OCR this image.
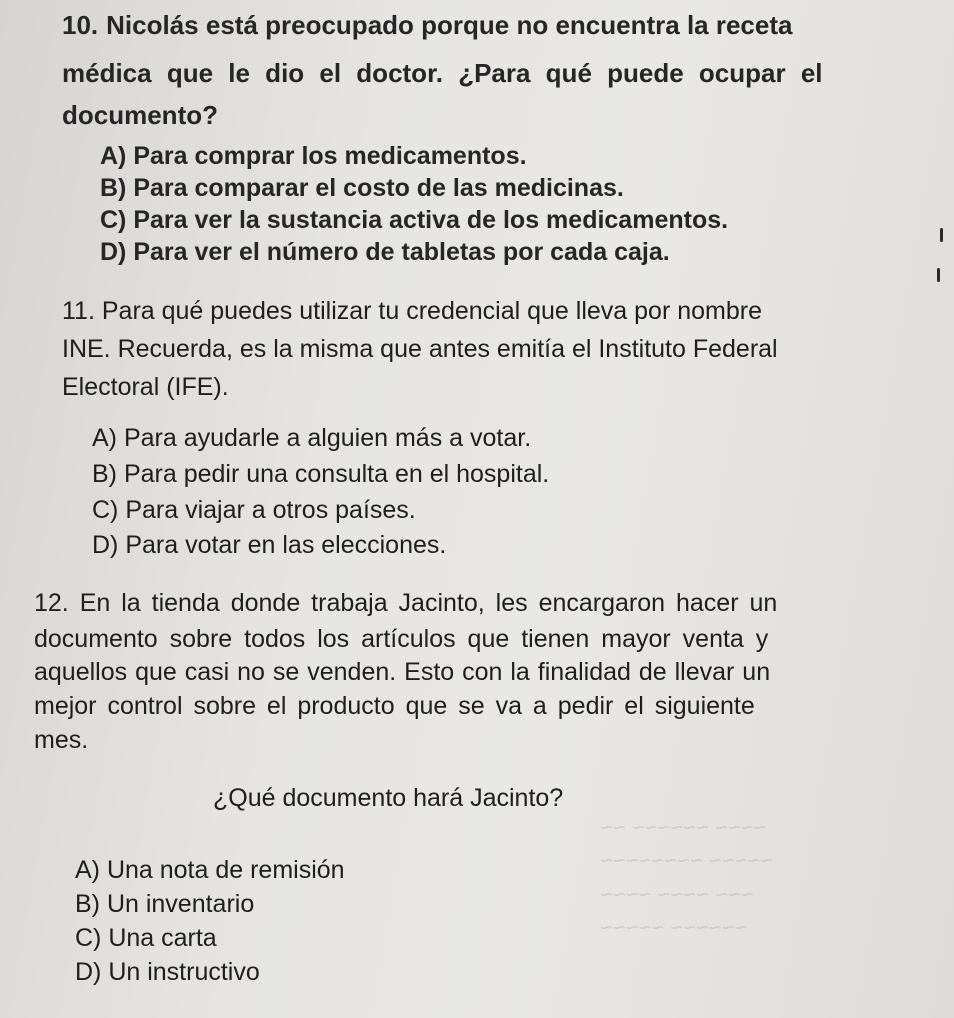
~~~~ ~~~~~~ ~~
~~~~~ ~~~~~~~~
~~~ ~~~~ ~~~~
~~~~~~ ~~~~~
10. Nicolás está preocupado porque no encuentra la receta
médica que le dio el doctor. ¿Para qué puede ocupar el
documento?
A) Para comprar los medicamentos.
B) Para comparar el costo de las medicinas.
C) Para ver la sustancia activa de los medicamentos.
D) Para ver el número de tabletas por cada caja.
11. Para qué puedes utilizar tu credencial que lleva por nombre
INE. Recuerda, es la misma que antes emitía el Instituto Federal
Electoral (IFE).
A) Para ayudarle a alguien más a votar.
B) Para pedir una consulta en el hospital.
C) Para viajar a otros países.
D) Para votar en las elecciones.
12. En la tienda donde trabaja Jacinto, les encargaron hacer un
documento sobre todos los artículos que tienen mayor venta y
aquellos que casi no se venden. Esto con la finalidad de llevar un
mejor control sobre el producto que se va a pedir el siguiente
mes.
¿Qué documento hará Jacinto?
A) Una nota de remisión
B) Un inventario
C) Una carta
D) Un instructivo
